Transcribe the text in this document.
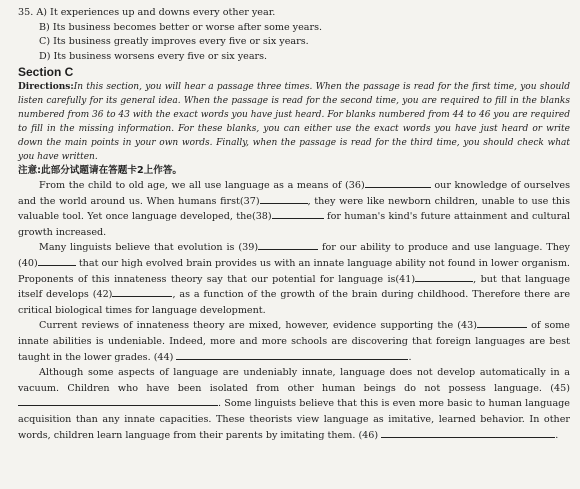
35. A) It experiences up and downs every other year.
B) Its business becomes better or worse after some years.
C) Its business greatly improves every five or six years.
D) Its business worsens every five or six years.
Section C
Directions:In this section, you will hear a passage three times. When the passage is read for the first time, you should listen carefully for its general idea. When the passage is read for the second time, you are required to fill in the blanks numbered from 36 to 43 with the exact words you have just heard. For blanks numbered from 44 to 46 you are required to fill in the missing information. For these blanks, you can either use the exact words you have just heard or write down the main points in your own words. Finally, when the passage is read for the third time, you should check what you have written.
注意:此部分试题请在答题卡2上作答。

From the child to old age, we all use language as a means of (36)	our knowledge of ourselves and the world around us. When humans first(37)	, they were like newborn children, unable to use this valuable tool. Yet once language developed, the(38)	for human's kind's future attainment and cultural growth increased.

Many linguists believe that evolution is (39)	for our ability to produce and use language. They (40)	that our high evolved brain provides us with an innate language ability not found in lower organism. Proponents of this innateness theory say that our potential for language is(41)	, but that language itself develops (42)	, as a function of the growth of the brain during childhood. Therefore there are critical biological times for language development.

Current reviews of innateness theory are mixed, however, evidence supporting the (43)	of some innate abilities is undeniable. Indeed, more and more schools are discovering that foreign languages are best taught in the lower grades. (44)	.

Although some aspects of language are undeniably innate, language does not develop automatically in a vacuum. Children who have been isolated from other human beings do not possess language. (45) . Some linguists believe that this is even more basic to human language acquisition than any innate capacities. These theorists view language as imitative, learned behavior. In other words, children learn language from their parents by imitating them. (46)	.
